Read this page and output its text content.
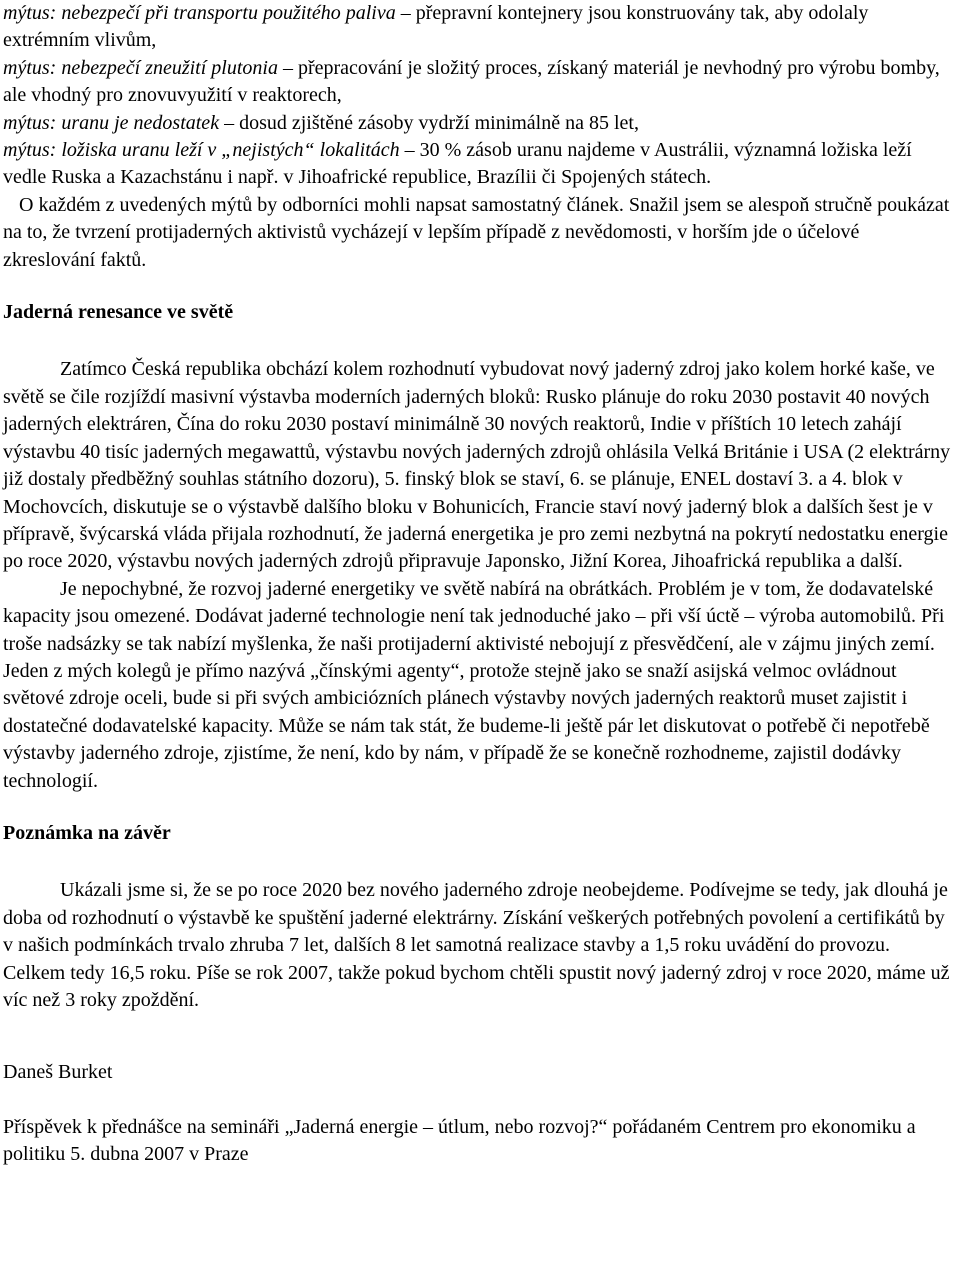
mýtus: nebezpečí při transportu použitého paliva – přepravní kontejnery jsou konstruovány tak, aby odolaly extrémním vlivům,

mýtus: nebezpečí zneužití plutonia – přepracování je složitý proces, získaný materiál je nevhodný pro výrobu bomby, ale vhodný pro znovuvyužití v reaktorech,

mýtus: uranu je nedostatek – dosud zjištěné zásoby vydrží minimálně na 85 let,

mýtus: ložiska uranu leží v „nejistých“ lokalitách – 30 % zásob uranu najdeme v Austrálii, významná ložiska leží vedle Ruska a Kazachstánu i např. v Jihoafrické republice, Brazílii či Spojených státech.

O každém z uvedených mýtů by odborníci mohli napsat samostatný článek. Snažil jsem se alespoň stručně poukázat na to, že tvrzení protijaderných aktivistů vycházejí v lepším případě z nevědomosti, v horším jde o účelové zkreslování faktů.

Jaderná renesance ve světě

Zatímco Česká republika obchází kolem rozhodnutí vybudovat nový jaderný zdroj jako kolem horké kaše, ve světě se čile rozjíždí masivní výstavba moderních jaderných bloků: Rusko plánuje do roku 2030 postavit 40 nových jaderných elektráren, Čína do roku 2030 postaví minimálně 30 nových reaktorů, Indie v příštích 10 letech zahájí výstavbu 40 tisíc jaderných megawattů, výstavbu nových jaderných zdrojů ohlásila Velká Británie i USA (2 elektrárny již dostaly předběžný souhlas státního dozoru), 5. finský blok se staví, 6. se plánuje, ENEL dostaví 3. a 4. blok v Mochovcích, diskutuje se o výstavbě dalšího bloku v Bohunicích, Francie staví nový jaderný blok a dalších šest je v přípravě, švýcarská vláda přijala rozhodnutí, že jaderná energetika je pro zemi nezbytná na pokrytí nedostatku energie po roce 2020, výstavbu nových jaderných zdrojů připravuje Japonsko, Jižní Korea, Jihoafrická republika a další.

Je nepochybné, že rozvoj jaderné energetiky ve světě nabírá na obrátkách. Problém je v tom, že dodavatelské kapacity jsou omezené. Dodávat jaderné technologie není tak jednoduché jako – při vší úctě – výroba automobilů. Při troše nadsázky se tak nabízí myšlenka, že naši protijaderní aktivisté nebojují z přesvědčení, ale v zájmu jiných zemí. Jeden z mých kolegů je přímo nazývá „čínskými agenty“, protože stejně jako se snaží asijská velmoc ovládnout světové zdroje oceli, bude si při svých ambiciózních plánech výstavby nových jaderných reaktorů muset zajistit i dostatečné dodavatelské kapacity. Může se nám tak stát, že budeme-li ještě pár let diskutovat o potřebě či nepotřebě výstavby jaderného zdroje, zjistíme, že není, kdo by nám, v případě že se konečně rozhodneme, zajistil dodávky technologií.

Poznámka na závěr

Ukázali jsme si, že se po roce 2020 bez nového jaderného zdroje neobejdeme. Podívejme se tedy, jak dlouhá je doba od rozhodnutí o výstavbě ke spuštění jaderné elektrárny. Získání veškerých potřebných povolení a certifikátů by v našich podmínkách trvalo zhruba 7 let, dalších 8 let samotná realizace stavby a 1,5 roku uvádění do provozu. Celkem tedy 16,5 roku. Píše se rok 2007, takže pokud bychom chtěli spustit nový jaderný zdroj v roce 2020, máme už víc než 3 roky zpoždění.

Daneš Burket

Příspěvek k přednášce na semináři „Jaderná energie – útlum, nebo rozvoj?“ pořádaném Centrem pro ekonomiku a politiku 5. dubna 2007 v Praze
